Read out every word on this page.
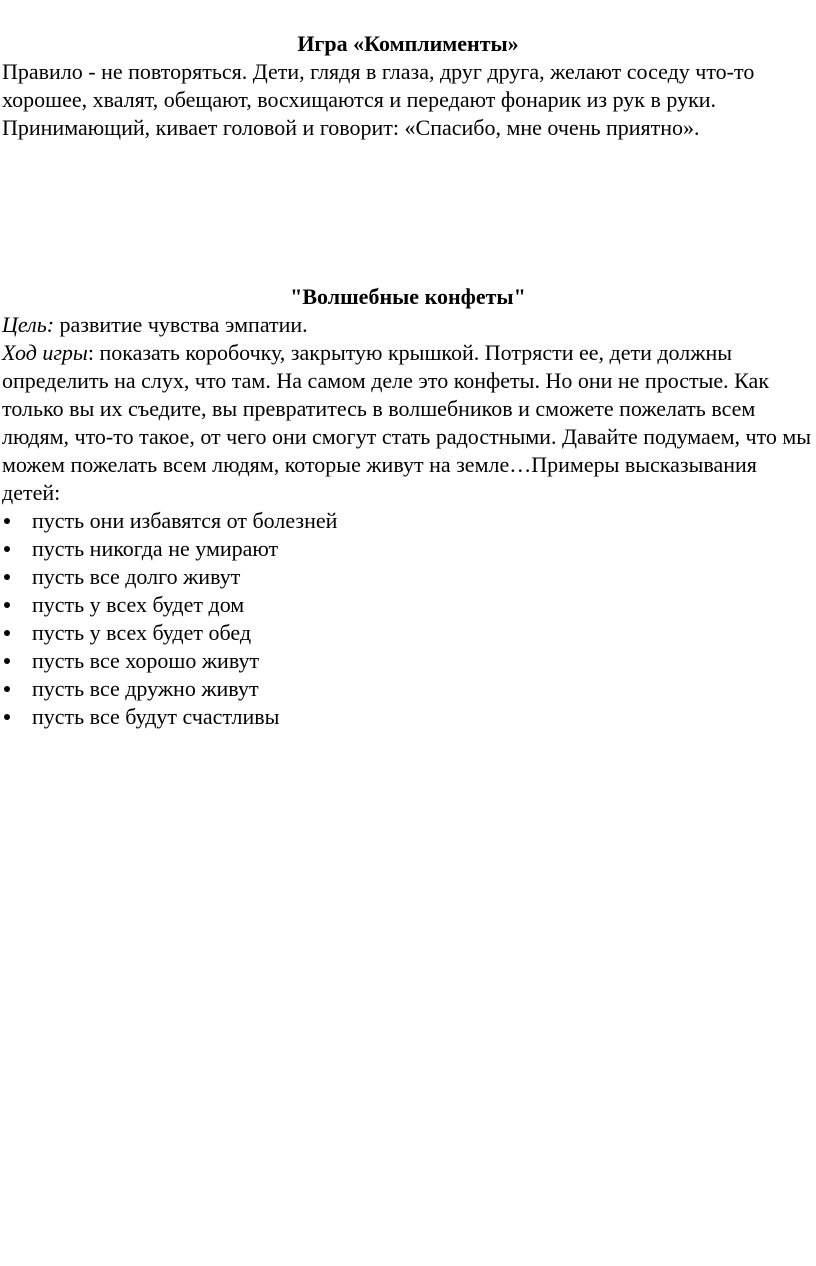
Игра «Комплименты»

Правило - не повторяться. Дети, глядя в глаза, друг друга, желают соседу что-то хорошее, хвалят, обещают, восхищаются и передают фонарик из рук в руки. Принимающий, кивает головой и говорит: «Спасибо, мне очень приятно».

"Волшебные конфеты"

Цель: развитие чувства эмпатии.

Ход игры: показать коробочку, закрытую крышкой. Потрясти ее, дети должны определить на слух, что там. На самом деле это конфеты. Но они не простые. Как только вы их съедите, вы превратитесь в волшебников и сможете пожелать всем людям, что-то такое, от чего они смогут стать радостными. Давайте подумаем, что мы можем пожелать всем людям, которые живут на земле…Примеры высказывания детей:

пусть они избавятся от болезней
пусть никогда не умирают
пусть все долго живут
пусть у всех будет дом
пусть у всех будет обед
пусть все хорошо живут
пусть все дружно живут
пусть все будут счастливы
